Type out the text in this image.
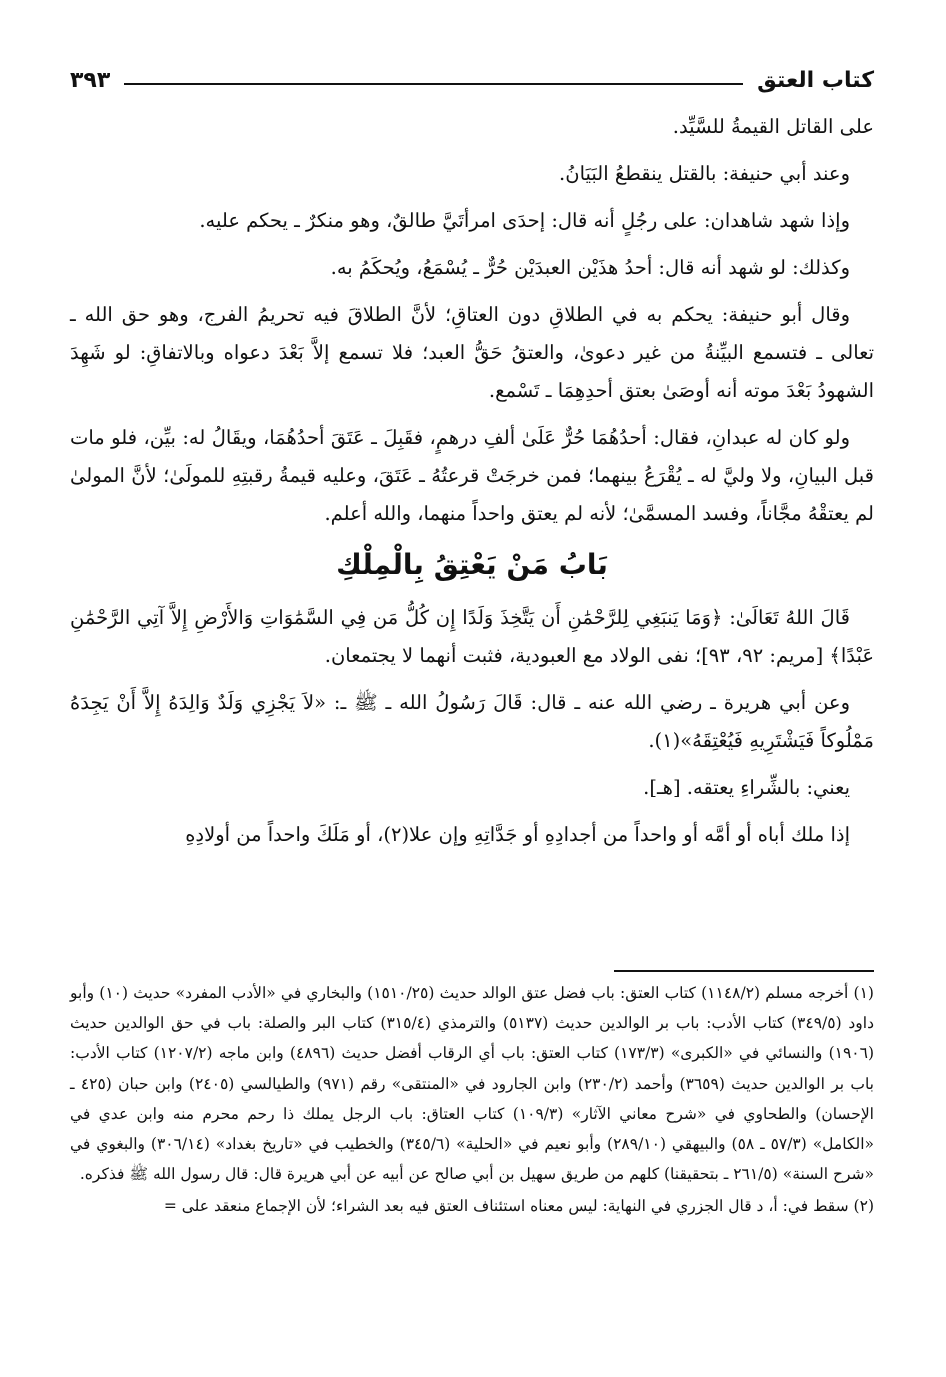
كتاب العتق
٣٩٣

على القاتل القيمةُ للسَّيِّد.

وعند أبي حنيفة: بالقتل ينقطعُ البَيَانُ.

وإذا شهد شاهدان: على رجُلٍ أنه قال: إحدَى امرأتَيَّ طالقٌ، وهو منكرٌ ـ يحكم عليه.

وكذلك: لو شهد أنه قال: أحدُ هذَيْن العبدَيْن حُرٌّ ـ يُسْمَعُ، ويُحكَمُ به.

وقال أبو حنيفة: يحكم به في الطلاقِ دون العتاقِ؛ لأنَّ الطلاقَ فيه تحريمُ الفرج، وهو حق الله ـ تعالى ـ فتسمع البيِّنةُ من غير دعوىٰ، والعتقُ حَقُّ العبد؛ فلا تسمع إلاَّ بَعْدَ دعواه وبالاتفاقِ: لو شَهِدَ الشهودُ بَعْدَ موته أنه أوصَىٰ بعتق أحدِهِمَا ـ تَسْمع.

ولو كان له عبدانِ، فقال: أحدُهُمَا حُرٌّ عَلَىٰ ألفِ درهمٍ، فقَبِلَ ـ عَتَقَ أحدُهُمَا، ويقَالُ له: بيِّن، فلو مات قبل البيانِ، ولا وليَّ له ـ يُقْرَعُ بينهما؛ فمن خرجَتْ قرعتُهُ ـ عَتَقَ، وعليه قيمةُ رقبتِهِ للمولَىٰ؛ لأنَّ المولىٰ لم يعتقْهُ مجَّاناً، وفسد المسمَّىٰ؛ لأنه لم يعتق واحداً منهما، والله أعلم.

بَابُ مَنْ يَعْتِقُ بِالْمِلْكِ

قَالَ اللهُ تَعَالَىٰ: ﴿وَمَا يَنبَغِي لِلرَّحْمَٰنِ أَن يَتَّخِذَ وَلَدًا إِن كُلُّ مَن فِي السَّمَٰوَاتِ وَالأَرْضِ إِلاَّ آتِي الرَّحْمَٰنِ عَبْدًا﴾ [مريم: ٩٢، ٩٣]؛ نفى الولاد مع العبودية، فثبت أنهما لا يجتمعان.

وعن أبي هريرة ـ رضي الله عنه ـ قال: قَالَ رَسُولُ الله ـ ﷺ ـ: «لاَ يَجْزِي وَلَدٌ وَالِدَهُ إِلاَّ أَنْ يَجِدَهُ مَمْلُوكاً فَيَشْتَرِيهِ فَيُعْتِقَهُ»(١).

يعني: بالشِّراءِ يعتقه. [هـ].

إذا ملك أباه أو أمَّه أو واحداً من أجدادِهِ أو جَدَّاتِهِ وإن علا(٢)، أو مَلَكَ واحداً من أولادِهِ

(١) أخرجه مسلم (١١٤٨/٢) كتاب العتق: باب فضل عتق الوالد حديث (١٥١٠/٢٥) والبخاري في «الأدب المفرد» حديث (١٠) وأبو داود (٣٤٩/٥) كتاب الأدب: باب بر الوالدين حديث (٥١٣٧) والترمذي (٣١٥/٤) كتاب البر والصلة: باب في حق الوالدين حديث (١٩٠٦) والنسائي في «الكبرى» (١٧٣/٣) كتاب العتق: باب أي الرقاب أفضل حديث (٤٨٩٦) وابن ماجه (١٢٠٧/٢) كتاب الأدب: باب بر الوالدين حديث (٣٦٥٩) وأحمد (٢٣٠/٢) وابن الجارود في «المنتقى» رقم (٩٧١) والطيالسي (٢٤٠٥) وابن حبان (٤٢٥ ـ الإحسان) والطحاوي في «شرح معاني الآثار» (١٠٩/٣) كتاب العتاق: باب الرجل يملك ذا رحم محرم منه وابن عدي في «الكامل» (٥٧/٣ ـ ٥٨) والبيهقي (٢٨٩/١٠) وأبو نعيم في «الحلية» (٣٤٥/٦) والخطيب في «تاريخ بغداد» (٣٠٦/١٤) والبغوي في «شرح السنة» (٢٦١/٥ ـ بتحقيقنا) كلهم من طريق سهيل بن أبي صالح عن أبيه عن أبي هريرة قال: قال رسول الله ﷺ فذكره.

(٢) سقط في: أ، د قال الجزري في النهاية: ليس معناه استئناف العتق فيه بعد الشراء؛ لأن الإجماع منعقد على =
